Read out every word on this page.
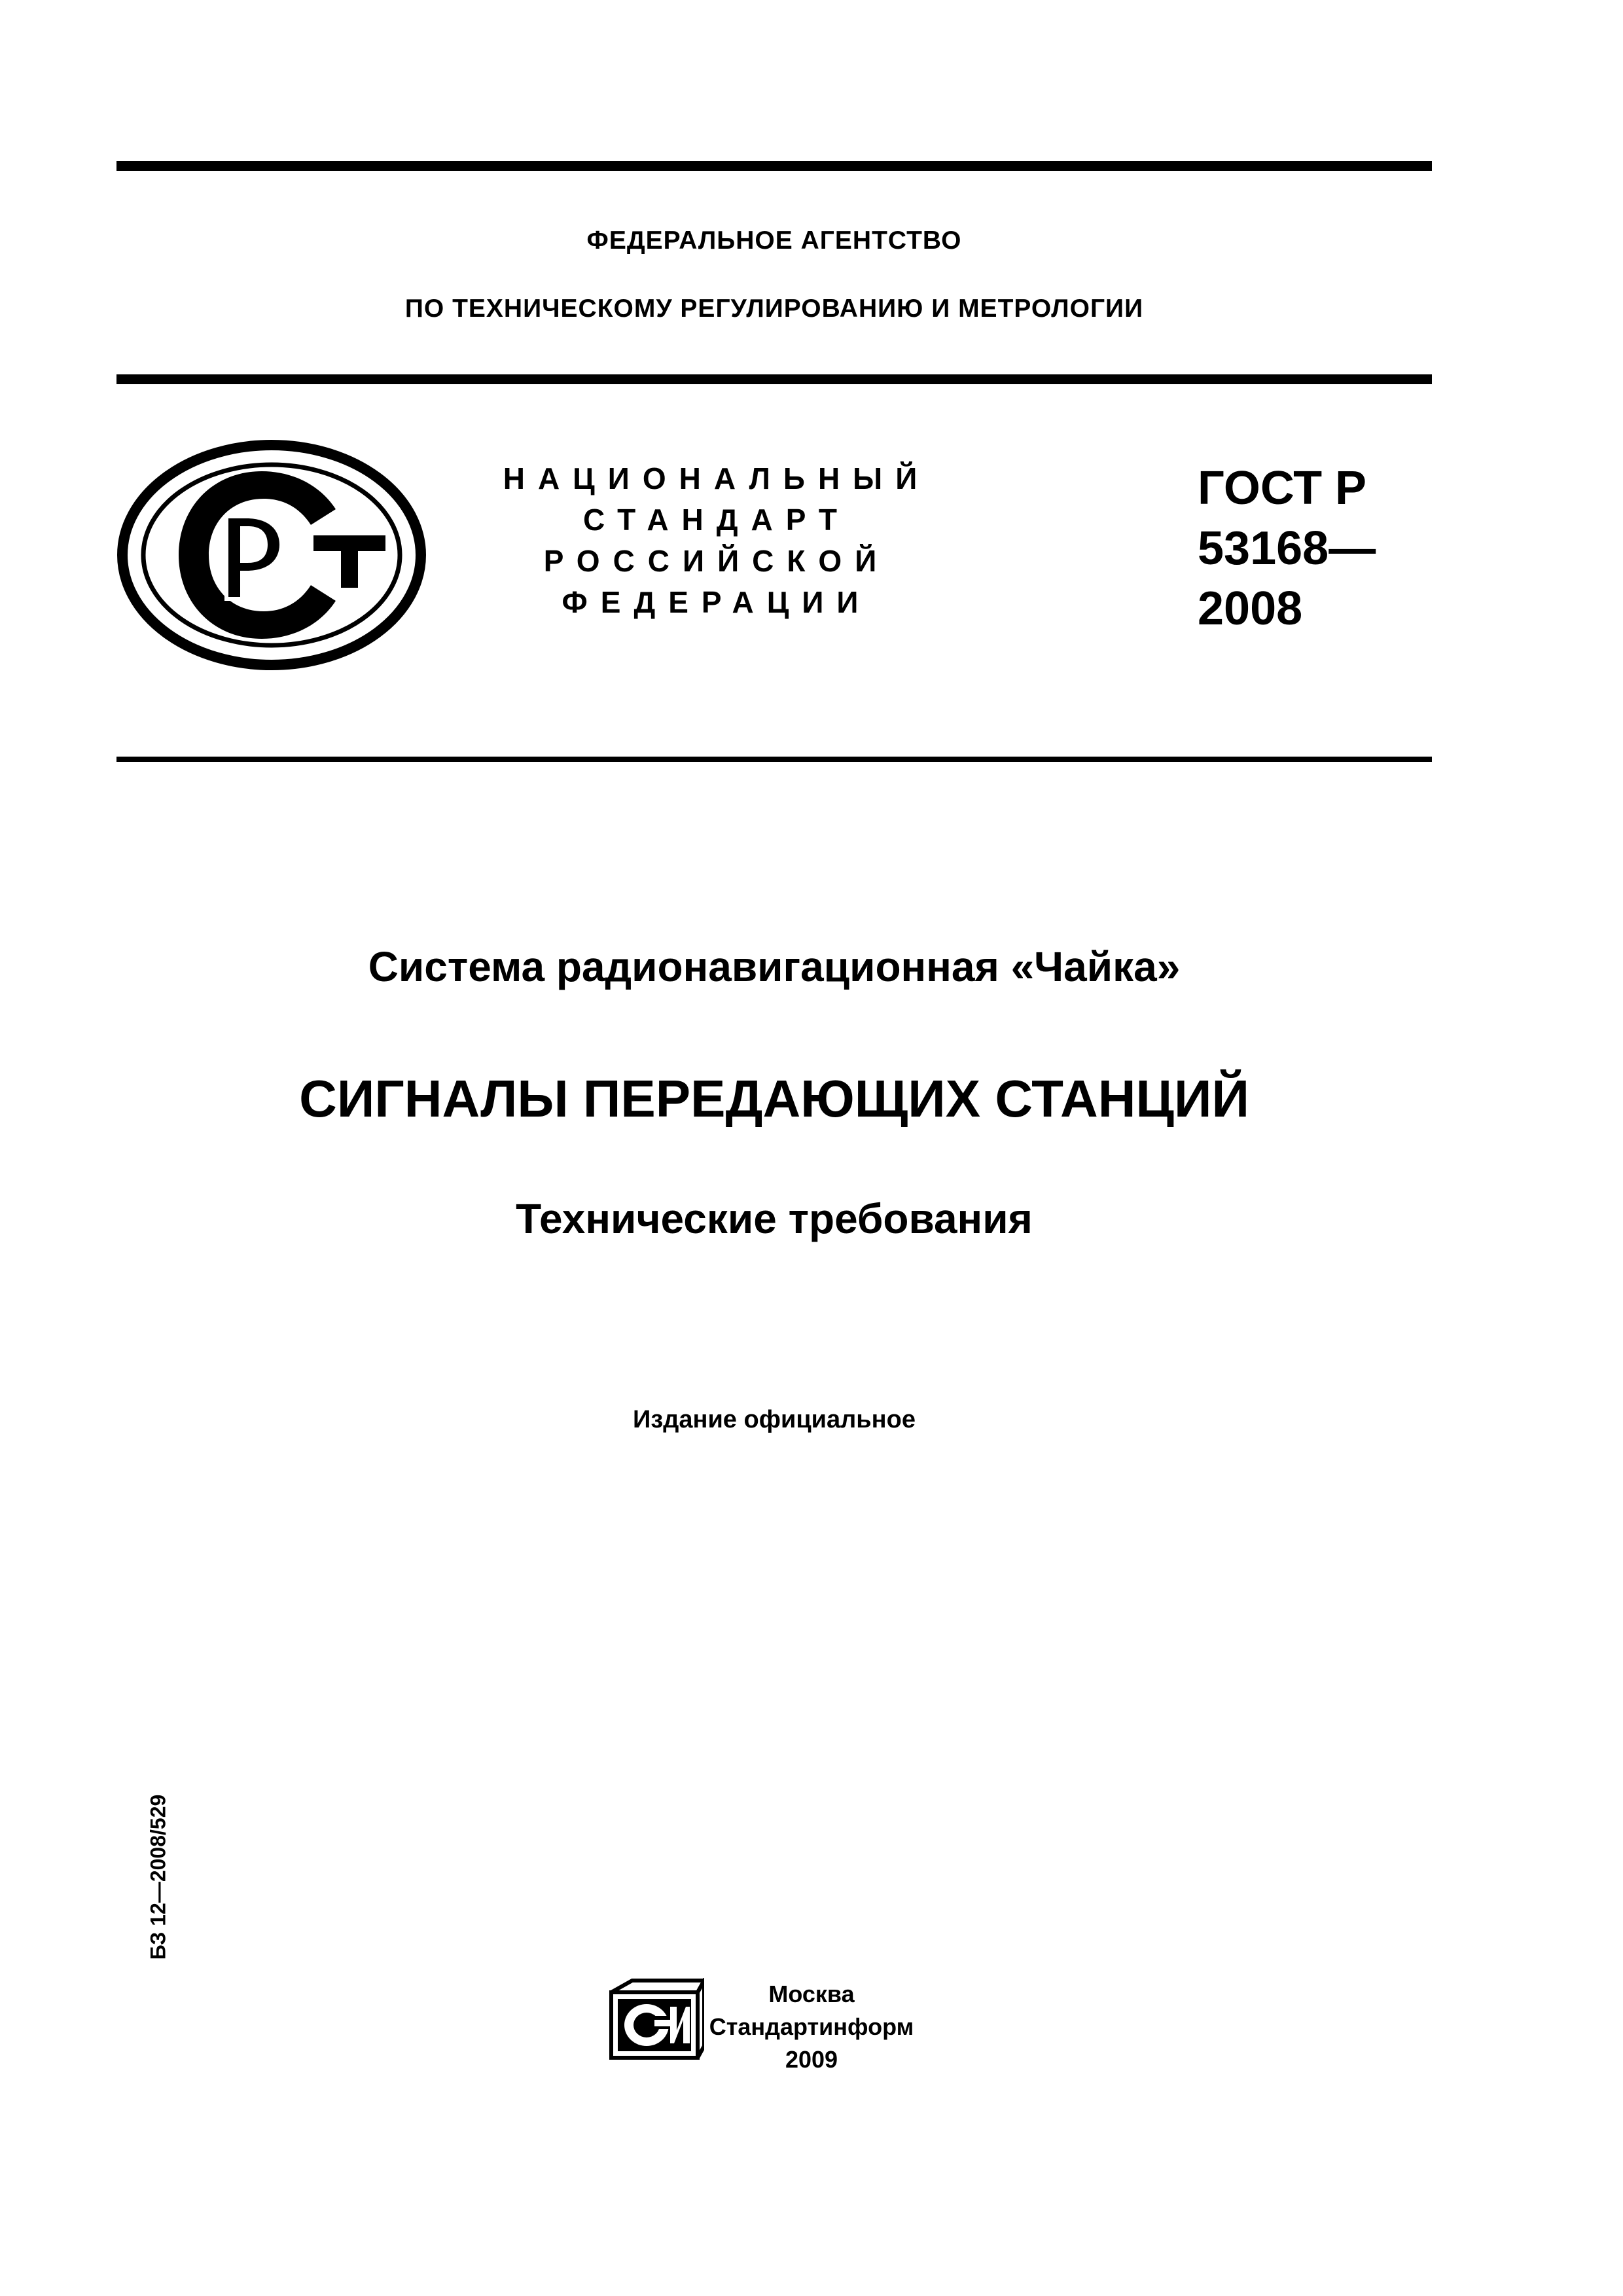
ФЕДЕРАЛЬНОЕ АГЕНТСТВО
ПО ТЕХНИЧЕСКОМУ РЕГУЛИРОВАНИЮ И МЕТРОЛОГИИ
НАЦИОНАЛЬНЫЙ
СТАНДАРТ
РОССИЙСКОЙ
ФЕДЕРАЦИИ
ГОСТ Р
53168—
2008
Система радионавигационная «Чайка»
СИГНАЛЫ ПЕРЕДАЮЩИХ СТАНЦИЙ
Технические требования
Издание официальное
БЗ 12—2008/529
Москва
Стандартинформ
2009
